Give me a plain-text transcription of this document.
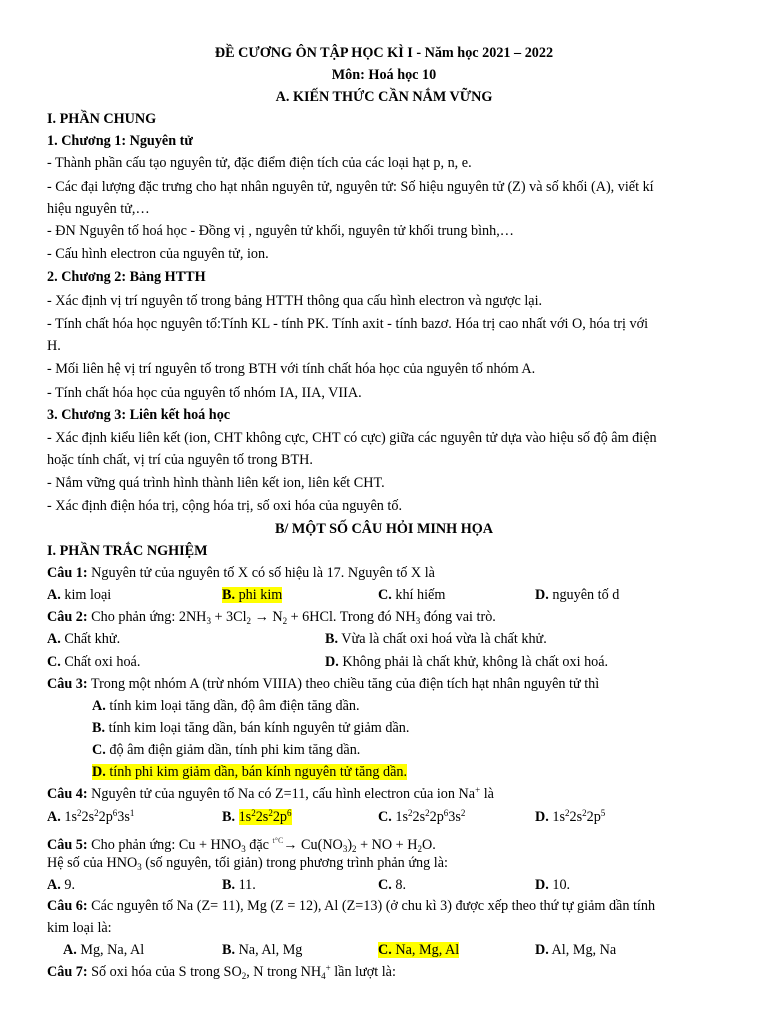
ĐỀ CƯƠNG ÔN TẬP HỌC KÌ I - Năm học 2021 – 2022
Môn: Hoá học 10
A. KIẾN THỨC CẦN NẮM VỮNG
I. PHẦN CHUNG
1. Chương 1: Nguyên tử
- Thành phần cấu tạo nguyên tử, đặc điểm điện tích của các loại hạt p, n, e.
- Các đại lượng đặc trưng cho hạt nhân nguyên tử, nguyên tử: Số hiệu nguyên tử (Z) và số khối (A), viết kí
hiệu nguyên tử,…
- ĐN Nguyên tố hoá học - Đồng vị , nguyên tử khối, nguyên tử khối trung bình,…
- Cấu hình electron của nguyên tử, ion.
2. Chương 2: Bảng HTTH
- Xác định vị trí nguyên tố trong bảng HTTH thông qua cấu hình electron và ngược lại.
- Tính chất hóa học nguyên tố:Tính KL - tính PK. Tính axit - tính bazơ. Hóa trị cao nhất với O, hóa trị với
H.
- Mối liên hệ vị trí nguyên tố trong BTH với tính chất hóa học của nguyên tố nhóm A.
- Tính chất hóa học của nguyên tố nhóm IA, IIA, VIIA.
3. Chương 3: Liên kết hoá học
- Xác định kiểu liên kết (ion, CHT không cực, CHT có cực) giữa các nguyên tử dựa vào hiệu số độ âm điện
hoặc tính chất, vị trí của nguyên tố trong BTH.
- Nắm vững quá trình hình thành liên kết ion, liên kết CHT.
- Xác định điện hóa trị, cộng hóa trị, số oxi hóa của nguyên tố.
B/ MỘT SỐ CÂU HỎI MINH HỌA
I. PHẦN TRẮC NGHIỆM
Câu 1: Nguyên tử của nguyên tố X có số hiệu là 17. Nguyên tố X là
A. kim loại	B. phi kim	C. khí hiếm	D. nguyên tố d
Câu 2: Cho phản ứng: $2NH_3 + 3Cl_2 \to N_2 + 6HCl$. Trong đó $NH_3$ đóng vai trò.
A. Chất khử.	B. Vừa là chất oxi hoá vừa là chất khử.
C. Chất oxi hoá.	D. Không phải là chất khử, không là chất oxi hoá.
Câu 3: Trong một nhóm A (trừ nhóm VIIIA) theo chiều tăng của điện tích hạt nhân nguyên tử thì
A. tính kim loại tăng dần, độ âm điện tăng dần.
B. tính kim loại tăng dần, bán kính nguyên tử giảm dần.
C. độ âm điện giảm dần, tính phi kim tăng dần.
D. tính phi kim giảm dần, bán kính nguyên tử tăng dần.
Câu 4: Nguyên tử của nguyên tố Na có Z=11, cấu hình electron của ion Na+ là
A. $1s^22s^22p^63s^1$	B. $1s^22s^22p^6$	C. $1s^22s^22p^63s^2$	D. $1s^22s^22p^5$
Câu 5: Cho phản ứng: $Cu + HNO_3$ đặc $^{t^\circ C}\to Cu(NO_3)_2$ + NO + $H_2O$.
Hệ số của $HNO_3$ (số nguyên, tối giản) trong phương trình phản ứng là:
A. 9.	B. 11.	C. 8.	D. 10.
Câu 6: Các nguyên tố Na (Z= 11), Mg (Z = 12), Al (Z=13) (ở chu kì 3) được xếp theo thứ tự giảm dần tính
kim loại là:
A. Mg, Na, Al	B. Na, Al, Mg	C. Na, Mg, Al	D. Al, Mg, Na
Câu 7: Số oxi hóa của S trong $SO_2$, N trong $NH_4^+$ lần lượt là:
